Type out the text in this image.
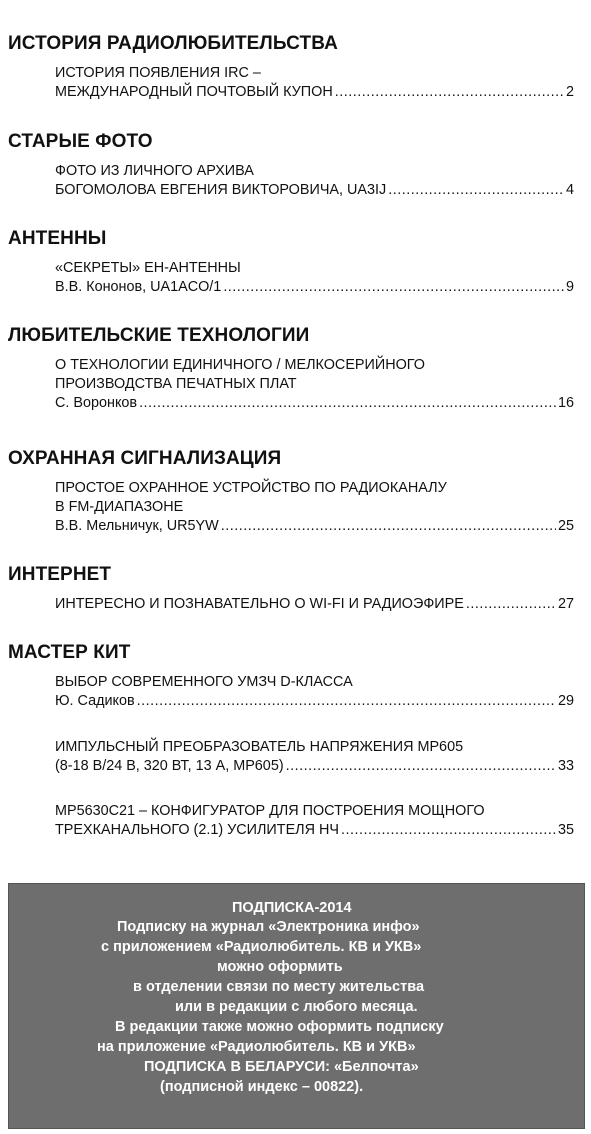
ИСТОРИЯ РАДИОЛЮБИТЕЛЬСТВА
ИСТОРИЯ ПОЯВЛЕНИЯ IRC –
МЕЖДУНАРОДНЫЙ ПОЧТОВЫЙ КУПОН .....	2
СТАРЫЕ ФОТО
ФОТО ИЗ ЛИЧНОГО АРХИВА
БОГОМОЛОВА ЕВГЕНИЯ ВИКТОРОВИЧА, UA3IJ .....	4
АНТЕННЫ
«СЕКРЕТЫ» ЕН-АНТЕННЫ
В.В. Кононов, UA1ACO/1 .....	9
ЛЮБИТЕЛЬСКИЕ ТЕХНОЛОГИИ
О ТЕХНОЛОГИИ ЕДИНИЧНОГО / МЕЛКОСЕРИЙНОГО
ПРОИЗВОДСТВА ПЕЧАТНЫХ ПЛАТ
С. Воронков .....	16
ОХРАННАЯ СИГНАЛИЗАЦИЯ
ПРОСТОЕ ОХРАННОЕ УСТРОЙСТВО ПО РАДИОКАНАЛУ
В FM-ДИАПАЗОНЕ
В.В. Мельничук, UR5YW .....	25
ИНТЕРНЕТ
ИНТЕРЕСНО И ПОЗНАВАТЕЛЬНО О WI-FI И РАДИОЭФИРЕ .....	27
МАСТЕР КИТ
ВЫБОР СОВРЕМЕННОГО УМЗЧ D-КЛАССА
Ю. Садиков .....	29
ИМПУЛЬСНЫЙ ПРЕОБРАЗОВАТЕЛЬ НАПРЯЖЕНИЯ MP605
(8-18 В/24 В, 320 ВТ, 13 А, MP605) .....	33
MP5630C21 – КОНФИГУРАТОР ДЛЯ ПОСТРОЕНИЯ МОЩНОГО
ТРЕХКАНАЛЬНОГО (2.1) УСИЛИТЕЛЯ НЧ .....	35
ПОДПИСКА-2014
Подписку на журнал «Электроника инфо»
с приложением «Радиолюбитель. КВ и УКВ»
можно оформить
в отделении связи по месту жительства
или в редакции с любого месяца.
В редакции также можно оформить подписку
на приложение «Радиолюбитель. КВ и УКВ»
ПОДПИСКА В БЕЛАРУСИ: «Белпочта»
(подписной индекс – 00822).
